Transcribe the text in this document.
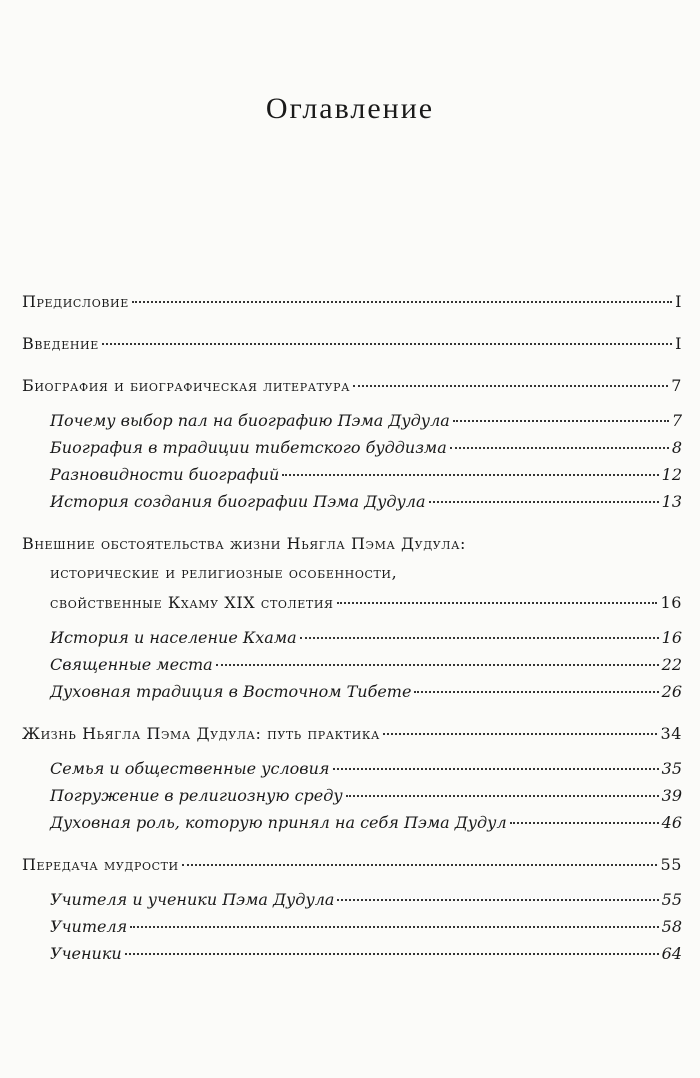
Оглавление
Предисловие	I
Введение	I
Биография и биографическая литература	7
Почему выбор пал на биографию Пэма Дудула	7
Биография в традиции тибетского буддизма	8
Разновидности биографий	12
История создания биографии Пэма Дудула	13
Внешние обстоятельства жизни Ньягла Пэма Дудула:
исторические и религиозные особенности,
свойственные Кхаму XIX столетия	16
История и население Кхама	16
Священные места	22
Духовная традиция в Восточном Тибете	26
Жизнь Ньягла Пэма Дудула: путь практика	34
Семья и общественные условия	35
Погружение в религиозную среду	39
Духовная роль, которую принял на себя Пэма Дудул	46
Передача мудрости	55
Учителя и ученики Пэма Дудула	55
Учителя	58
Ученики	64
